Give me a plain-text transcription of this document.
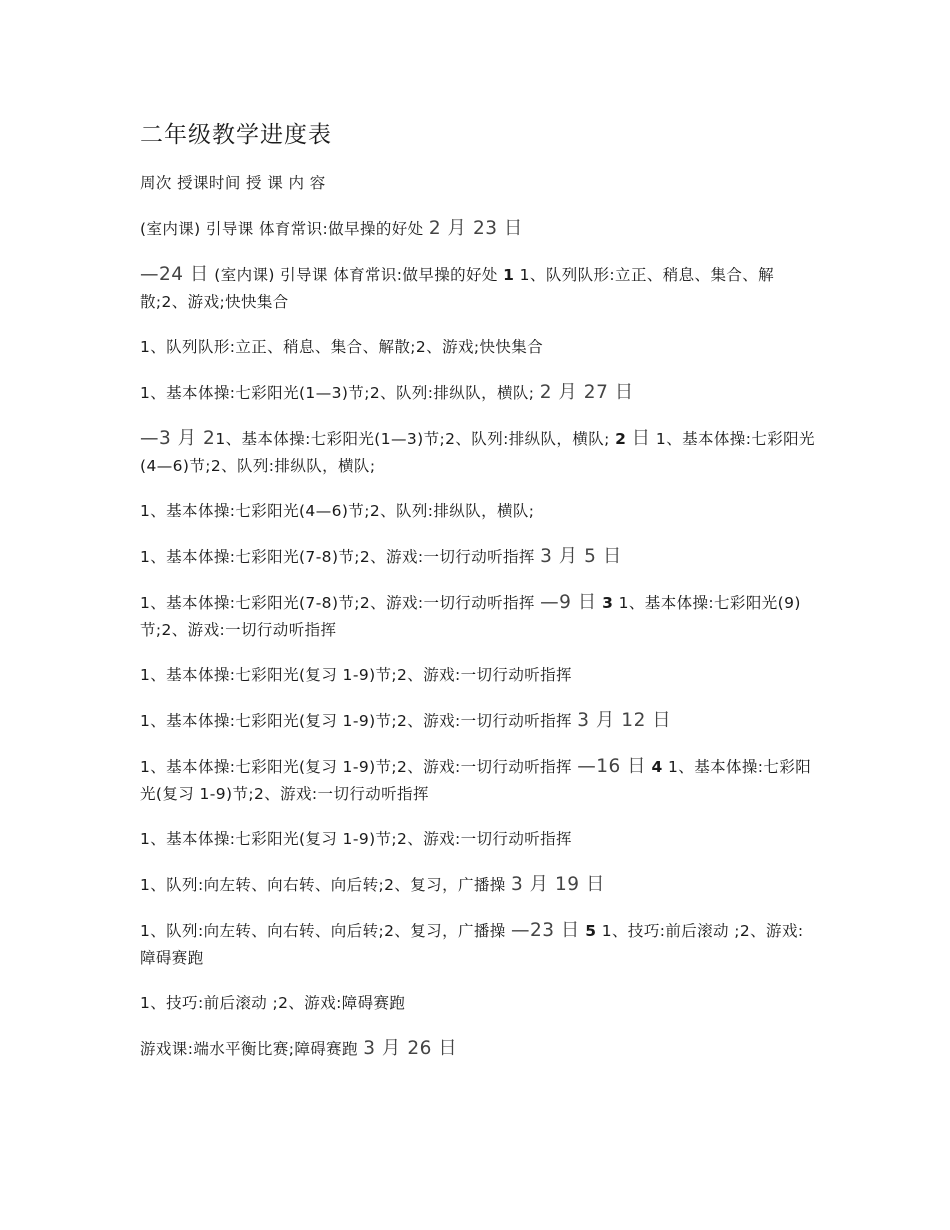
二年级教学进度表

周次 授课时间 授 课 内 容

(室内课) 引导课 体育常识:做早操的好处 2 月 23 日

—24 日 (室内课) 引导课 体育常识:做早操的好处 1 1、队列队形:立正、稍息、集合、解散;2、游戏;快快集合

1、队列队形:立正、稍息、集合、解散;2、游戏;快快集合

1、基本体操:七彩阳光(1—3)节;2、队列:排纵队，横队; 2 月 27 日

—3 月 21、基本体操:七彩阳光(1—3)节;2、队列:排纵队，横队; 2 日 1、基本体操:七彩阳光(4—6)节;2、队列:排纵队，横队;

1、基本体操:七彩阳光(4—6)节;2、队列:排纵队，横队;

1、基本体操:七彩阳光(7-8)节;2、游戏:一切行动听指挥 3 月 5 日

1、基本体操:七彩阳光(7-8)节;2、游戏:一切行动听指挥 —9 日 3 1、基本体操:七彩阳光(9)节;2、游戏:一切行动听指挥

1、基本体操:七彩阳光(复习 1-9)节;2、游戏:一切行动听指挥

1、基本体操:七彩阳光(复习 1-9)节;2、游戏:一切行动听指挥 3 月 12 日

1、基本体操:七彩阳光(复习 1-9)节;2、游戏:一切行动听指挥 —16 日 4 1、基本体操:七彩阳光(复习 1-9)节;2、游戏:一切行动听指挥

1、基本体操:七彩阳光(复习 1-9)节;2、游戏:一切行动听指挥

1、队列:向左转、向右转、向后转;2、复习，广播操 3 月 19 日

1、队列:向左转、向右转、向后转;2、复习，广播操 —23 日 5 1、技巧:前后滚动 ;2、游戏:障碍赛跑

1、技巧:前后滚动 ;2、游戏:障碍赛跑

游戏课:端水平衡比赛;障碍赛跑 3 月 26 日
